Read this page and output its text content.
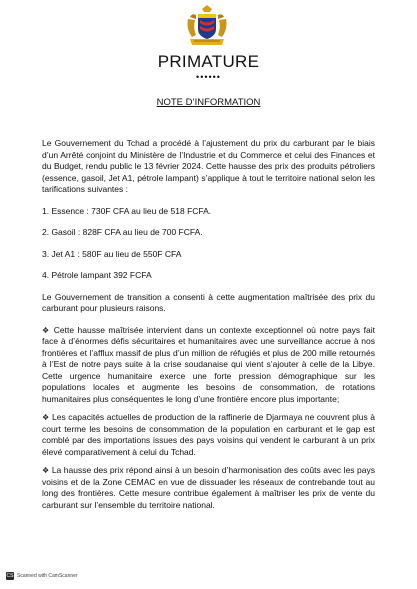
PRIMATURE
••••••
NOTE D’INFORMATION

Le Gouvernement du Tchad a procédé à l’ajustement du prix du carburant par le biais d’un Arrêté conjoint du Ministère de l’Industrie et du Commerce et celui des Finances et du Budget, rendu public le 13 février 2024. Cette hausse des prix des produits pétroliers (essence, gasoil, Jet A1, pétrole lampant) s’applique à tout le territoire national selon les tarifications suivantes :

1. Essence : 730F CFA au lieu de 518 FCFA.

2. Gasoil : 828F CFA au lieu de 700 FCFA.

3. Jet A1 : 580F au lieu de 550F CFA

4. Pétrole lampant 392 FCFA

Le Gouvernement de transition a consenti à cette augmentation maîtrisée des prix du carburant pour plusieurs raisons.

❖ Cette hausse maîtrisée intervient dans un contexte exceptionnel où notre pays fait face à d’énormes défis sécuritaires et humanitaires avec une surveillance accrue à nos frontières et l’afflux massif de plus d’un million de réfugiés et plus de 200 mille retournés à l’Est de notre pays suite à la crise soudanaise qui vient s’ajouter à celle de la Libye. Cette urgence humanitaire exerce une forte pression démographique sur les populations locales et augmente les besoins de consommation, de rotations humanitaires plus conséquentes le long d’une frontière encore plus importante;

❖ Les capacités actuelles de production de la raffinerie de Djarmaya ne couvrent plus à court terme les besoins de consommation de la population en carburant et le gap est comblé par des importations issues des pays voisins qui vendent le carburant à un prix élevé comparativement à celui du Tchad.

❖ La hausse des prix répond ainsi à un besoin d’harmonisation des coûts avec les pays voisins et de la Zone CEMAC en vue de dissuader les réseaux de contrebande tout au long des frontières. Cette mesure contribue également à maîtriser les prix de vente du carburant sur l’ensemble du territoire national.

CS Scanned with CamScanner
